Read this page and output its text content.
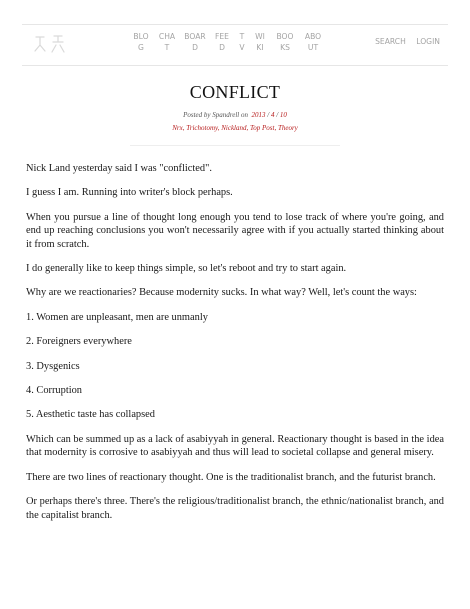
BLO
G
CHA
T
BOAR
D
FEE
D
T
V
WI
KI
BOO
KS
ABO
UT
SEARCH LOGIN
CONFLICT
Posted by Spandrell on 2013 / 4 / 10
Nrx, Trichotomy, Nickland, Top Post, Theory

Nick Land yesterday said I was "conflicted".

I guess I am. Running into writer's block perhaps.

When you pursue a line of thought long enough you tend to lose track of where you're going, and end up reaching conclusions you won't necessarily agree with if you actually started thinking about it from scratch.

I do generally like to keep things simple, so let's reboot and try to start again.

Why are we reactionaries? Because modernity sucks. In what way? Well, let's count the ways:

1. Women are unpleasant, men are unmanly

2. Foreigners everywhere

3. Dysgenics

4. Corruption

5. Aesthetic taste has collapsed

Which can be summed up as a lack of asabiyyah in general. Reactionary thought is based in the idea that modernity is corrosive to asabiyyah and thus will lead to societal collapse and general misery.

There are two lines of reactionary thought. One is the traditionalist branch, and the futurist branch.

Or perhaps there's three. There's the religious/traditionalist branch, the ethnic/nationalist branch, and the capitalist branch.
